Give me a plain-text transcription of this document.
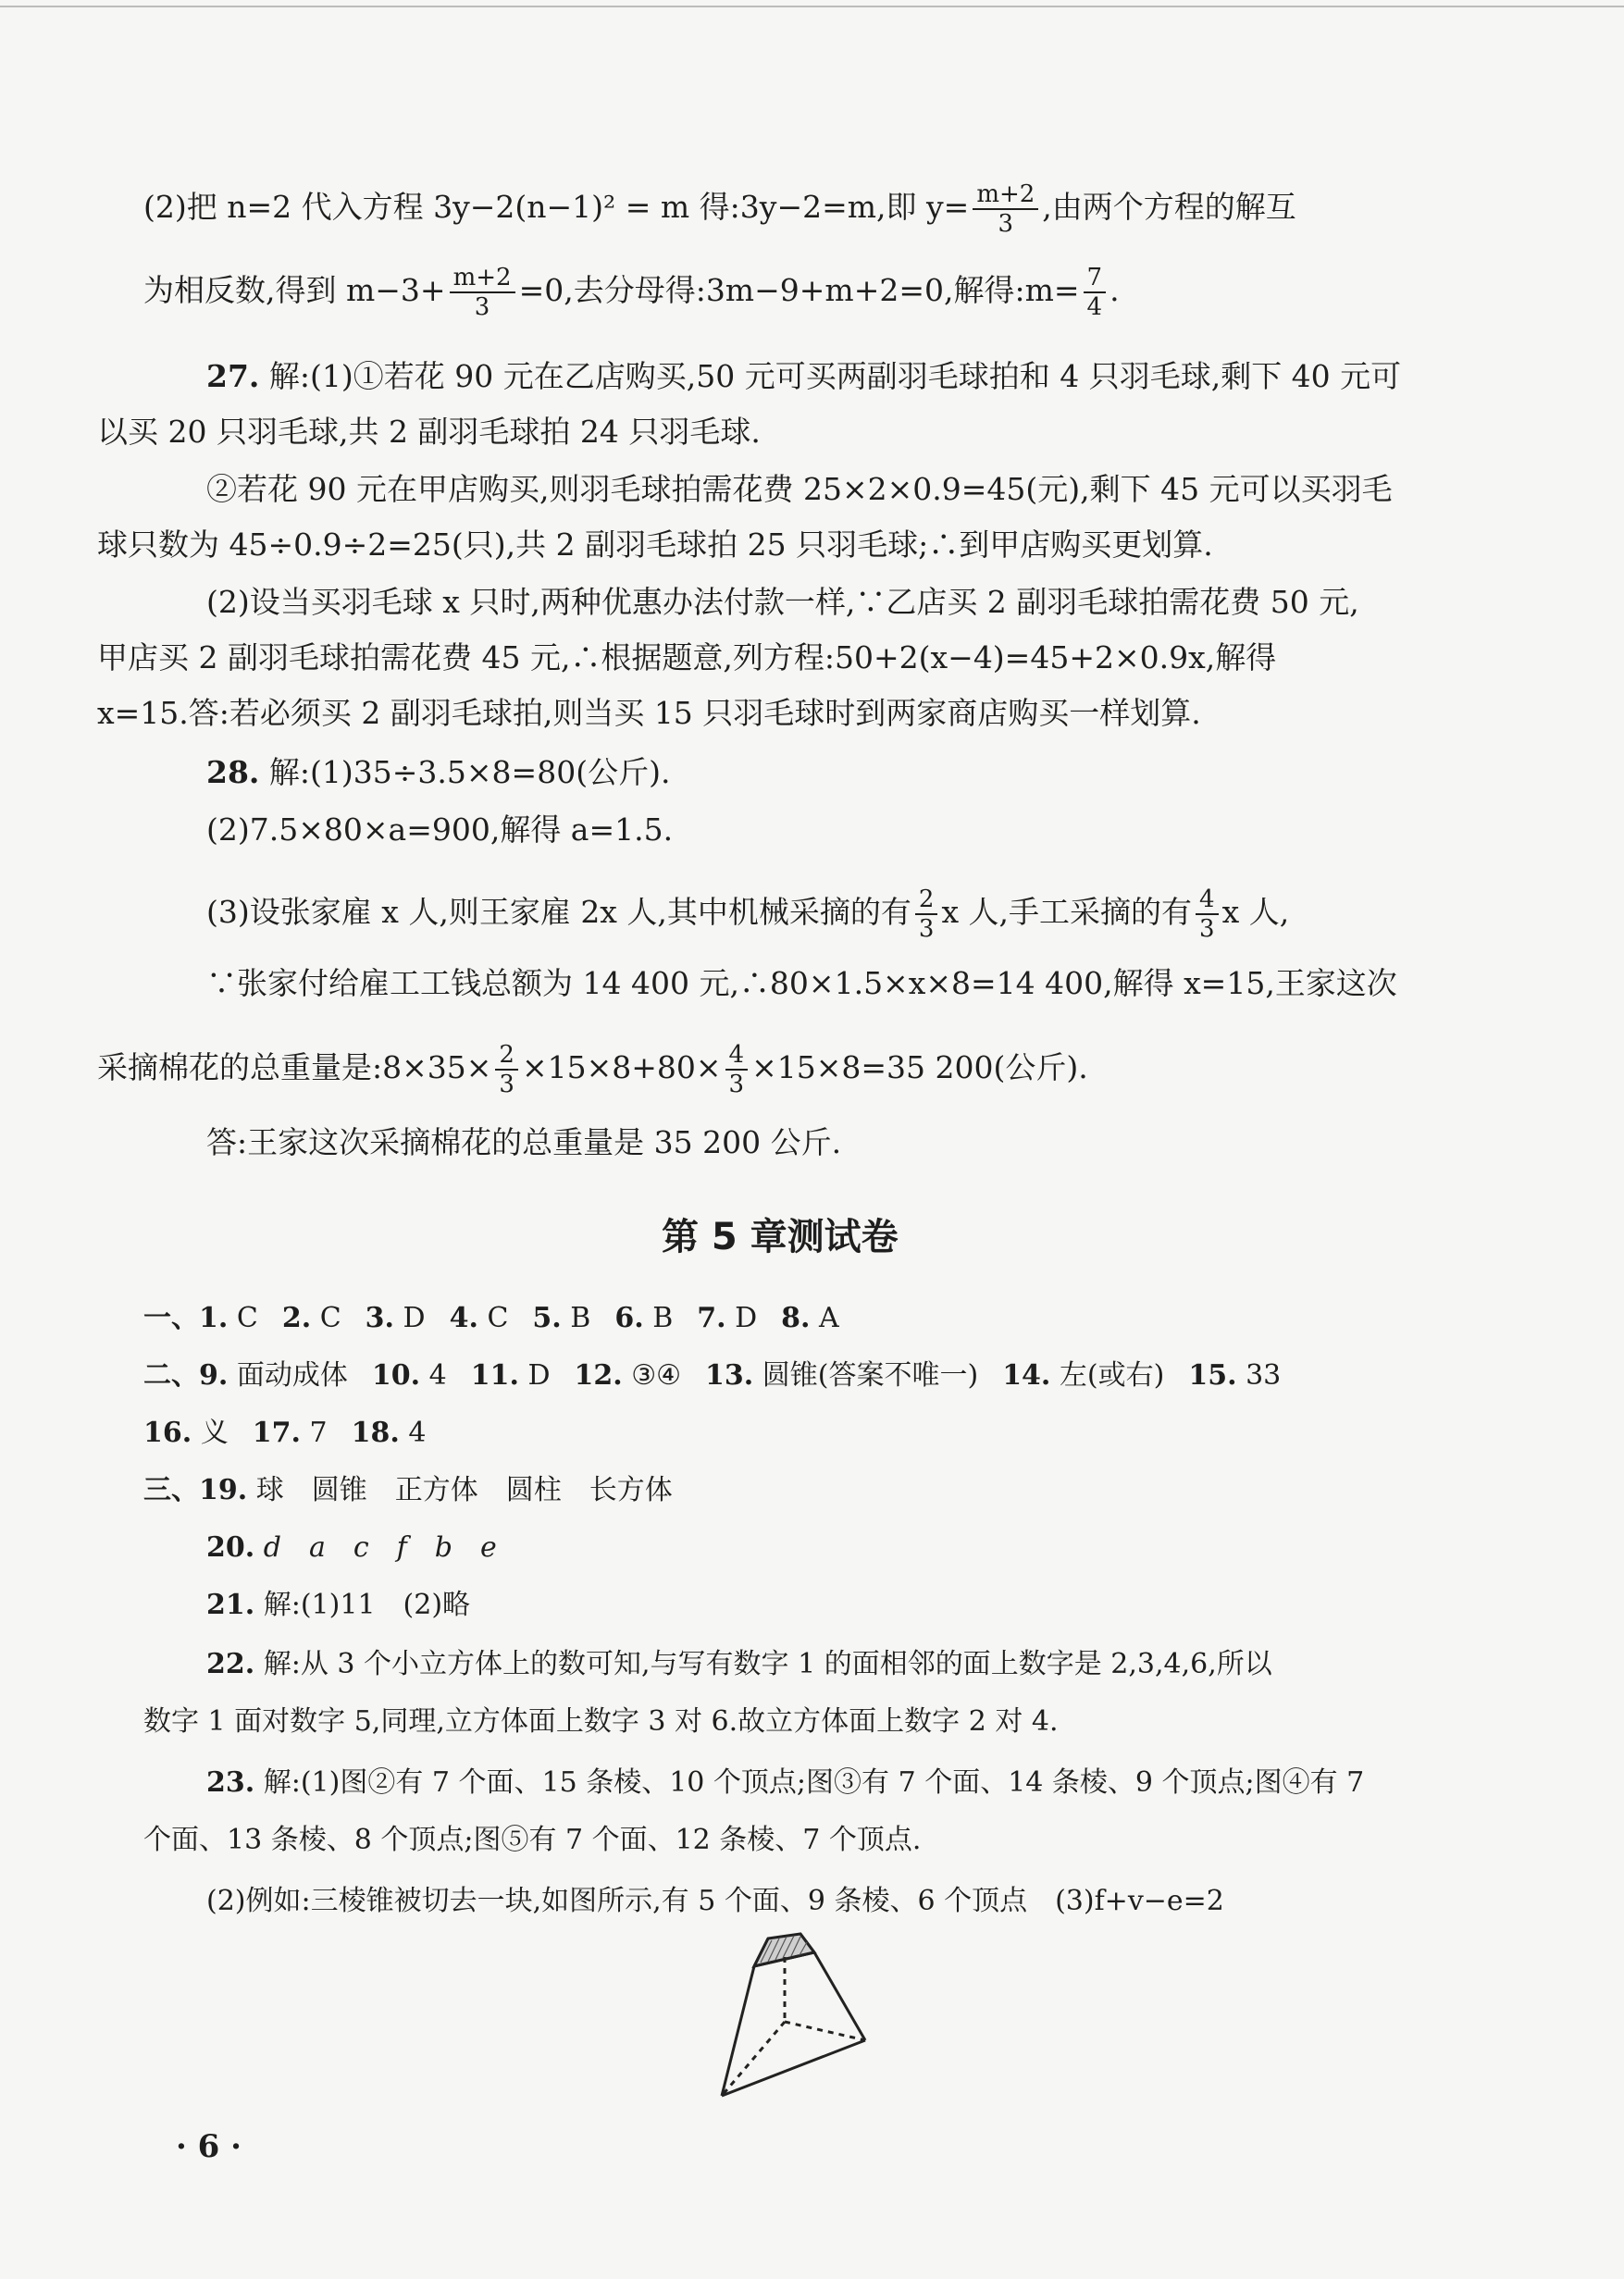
(2)把 n=2 代入方程 3y−2(n−1)² = m 得:3y−2=m,即 $y= \frac{m+2}{3}$ ,由两个方程的解互
为相反数,得到 $m-3+ \frac{m+2}{3} =0$,去分母得:3m−9+m+2=0,解得:m= $\frac{7}{4}$ .
27. 解:(1)①若花 90 元在乙店购买,50 元可买两副羽毛球拍和 4 只羽毛球,剩下 40 元可
以买 20 只羽毛球,共 2 副羽毛球拍 24 只羽毛球.
②若花 90 元在甲店购买,则羽毛球拍需花费 25×2×0.9=45(元),剩下 45 元可以买羽毛
球只数为 45÷0.9÷2=25(只),共 2 副羽毛球拍 25 只羽毛球;∴到甲店购买更划算.
(2)设当买羽毛球 x 只时,两种优惠办法付款一样,∵乙店买 2 副羽毛球拍需花费 50 元,
甲店买 2 副羽毛球拍需花费 45 元,∴根据题意,列方程:50+2(x−4)=45+2×0.9x,解得
x=15.答:若必须买 2 副羽毛球拍,则当买 15 只羽毛球时到两家商店购买一样划算.
28. 解:(1)35÷3.5×8=80(公斤).
(2)7.5×80×a=900,解得 a=1.5.
(3)设张家雇 x 人,则王家雇 2x 人,其中机械采摘的有 $\frac{2}{3}$ x 人,手工采摘的有 $\frac{4}{3}$ x 人,
∵张家付给雇工工钱总额为 14 400 元,∴80×1.5×x×8=14 400,解得 x=15,王家这次
采摘棉花的总重量是:8×35× $\frac{2}{3} \times 15\times 8+80\times \frac{4}{3} \times 15\times 8=35$ 200(公斤).
答:王家这次采摘棉花的总重量是 35 200 公斤.
第 5 章测试卷
一、1. C 2. C 3. D 4. C 5. B 6. B 7. D 8. A
二、9. 面动成体 10. 4 11. D 12. ③④ 13. 圆锥(答案不唯一) 14. 左(或右) 15. 33
16. 义 17. 7 18. 4
三、19. 球　圆锥　正方体　圆柱　长方体
20. d　a　c　f　b　e
21. 解:(1)11　(2)略
22. 解:从 3 个小立方体上的数可知,与写有数字 1 的面相邻的面上数字是 2,3,4,6,所以
数字 1 面对数字 5,同理,立方体面上数字 3 对 6.故立方体面上数字 2 对 4.
23. 解:(1)图②有 7 个面、15 条棱、10 个顶点;图③有 7 个面、14 条棱、9 个顶点;图④有 7
个面、13 条棱、8 个顶点;图⑤有 7 个面、12 条棱、7 个顶点.
(2)例如:三棱锥被切去一块,如图所示,有 5 个面、9 条棱、6 个顶点　(3)f+v−e=2
· 6 ·
